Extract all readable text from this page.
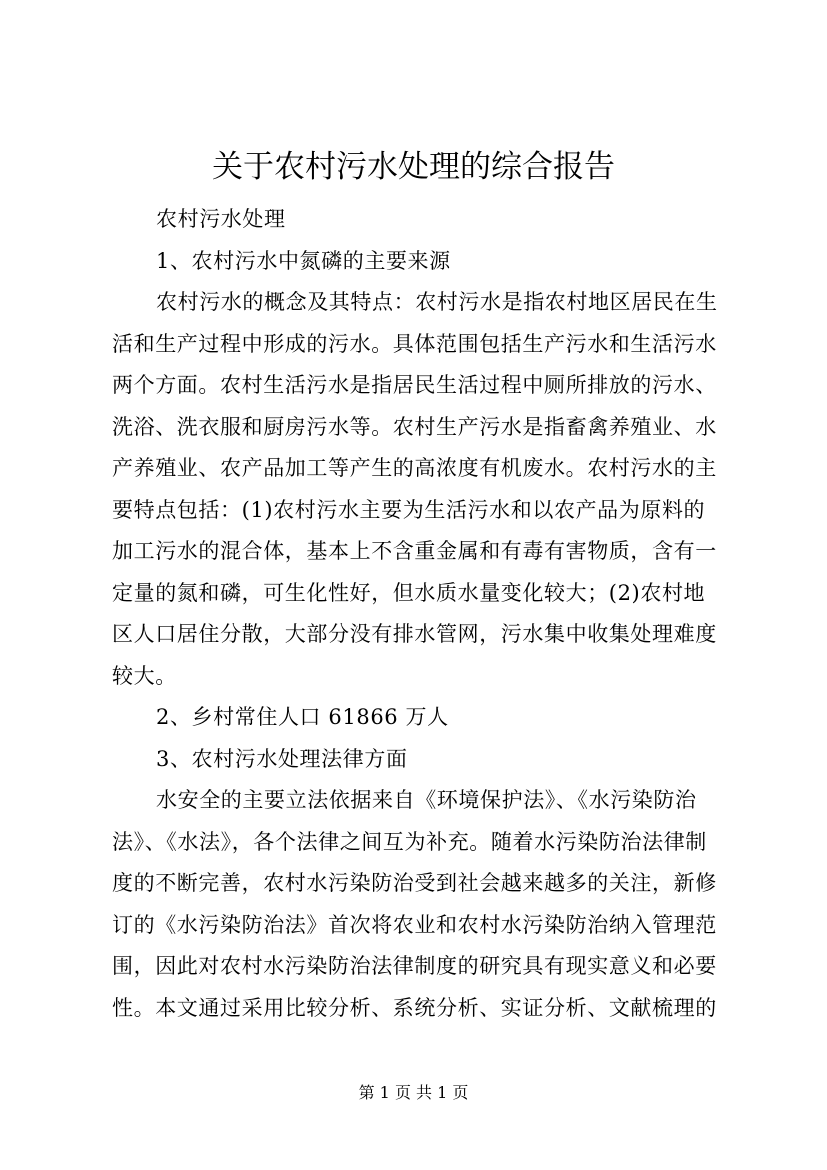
关于农村污水处理的综合报告
农村污水处理
1、农村污水中氮磷的主要来源
农村污水的概念及其特点：农村污水是指农村地区居民在生
活和生产过程中形成的污水。具体范围包括生产污水和生活污水
两个方面。农村生活污水是指居民生活过程中厕所排放的污水、
洗浴、洗衣服和厨房污水等。农村生产污水是指畜禽养殖业、水
产养殖业、农产品加工等产生的高浓度有机废水。农村污水的主
要特点包括：(1)农村污水主要为生活污水和以农产品为原料的
加工污水的混合体，基本上不含重金属和有毒有害物质，含有一
定量的氮和磷，可生化性好，但水质水量变化较大；(2)农村地
区人口居住分散，大部分没有排水管网，污水集中收集处理难度
较大。
2、乡村常住人口 61866 万人
3、农村污水处理法律方面
水安全的主要立法依据来自《环境保护法》、《水污染防治
法》、《水法》，各个法律之间互为补充。随着水污染防治法律制
度的不断完善，农村水污染防治受到社会越来越多的关注，新修
订的《水污染防治法》首次将农业和农村水污染防治纳入管理范
围，因此对农村水污染防治法律制度的研究具有现实意义和必要
性。本文通过采用比较分析、系统分析、实证分析、文献梳理的
第 1 页 共 1 页
